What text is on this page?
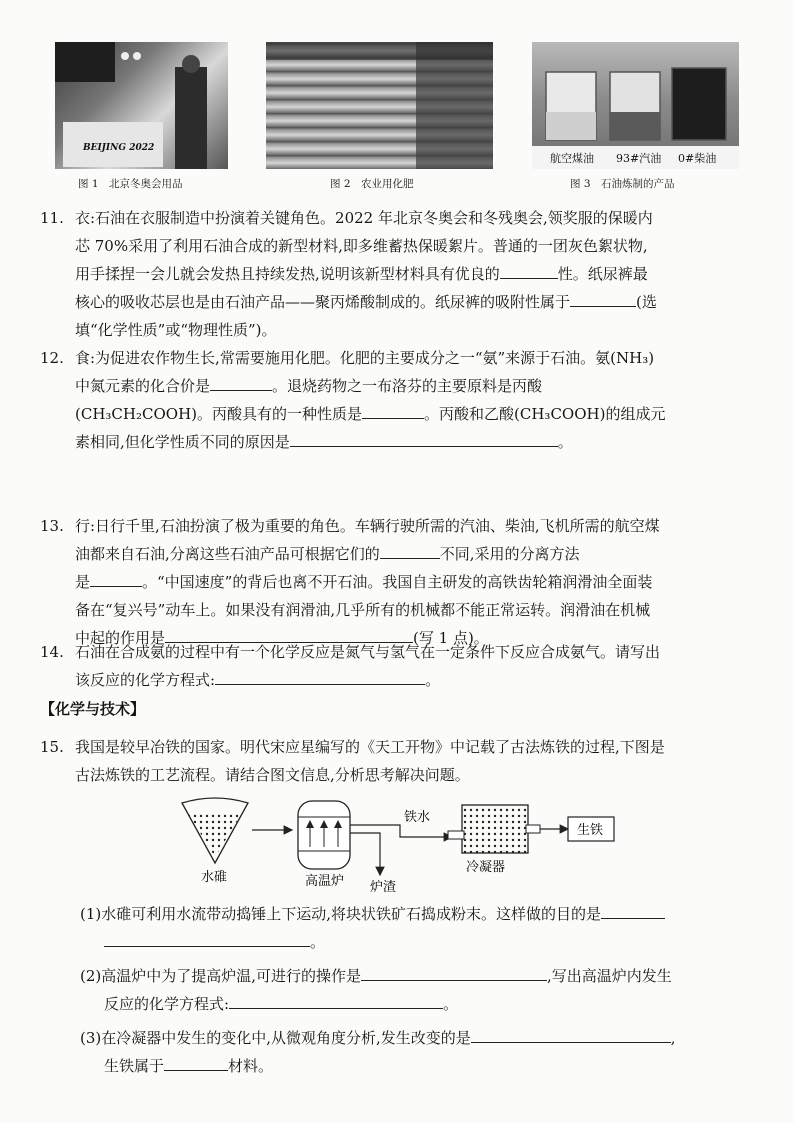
BEIJING 2022
航空煤油 93#汽油 0#柴油
图 1　北京冬奥会用品	图 2　农业用化肥	图 3　石油炼制的产品
11. 衣:石油在衣服制造中扮演着关键角色。2022 年北京冬奥会和冬残奥会,领奖服的保暖内

芯 70%采用了利用石油合成的新型材料,即多维蓄热保暖絮片。普通的一团灰色絮状物,

用手揉捏一会儿就会发热且持续发热,说明该新型材料具有优良的	性。纸尿裤最

核心的吸收芯层也是由石油产品——聚丙烯酸制成的。纸尿裤的吸附性属于	(选

填“化学性质”或“物理性质”)。

12. 食:为促进农作物生长,常需要施用化肥。化肥的主要成分之一“氨”来源于石油。氨(NH₃)

中氮元素的化合价是	。退烧药物之一布洛芬的主要原料是丙酸

(CH₃CH₂COOH)。丙酸具有的一种性质是	。丙酸和乙酸(CH₃COOH)的组成元

素相同,但化学性质不同的原因是	。

13. 行:日行千里,石油扮演了极为重要的角色。车辆行驶所需的汽油、柴油,飞机所需的航空煤

油都来自石油,分离这些石油产品可根据它们的	不同,采用的分离方法

是	。“中国速度”的背后也离不开石油。我国自主研发的高铁齿轮箱润滑油全面装

备在“复兴号”动车上。如果没有润滑油,几乎所有的机械都不能正常运转。润滑油在机械

中起的作用是	(写 1 点)。

14. 石油在合成氨的过程中有一个化学反应是氮气与氢气在一定条件下反应合成氨气。请写出

该反应的化学方程式:	。

【化学与技术】
15. 我国是较早冶铁的国家。明代宋应星编写的《天工开物》中记载了古法炼铁的过程,下图是

古法炼铁的工艺流程。请结合图文信息,分析思考解决问题。

生铁
铁水
水碓	高温炉 炉渣
冷凝器

(1)水碓可利用水流带动捣锤上下运动,将块状铁矿石捣成粉末。这样做的目的是

。

(2)高温炉中为了提高炉温,可进行的操作是	,写出高温炉内发生

反应的化学方程式:	。

(3)在冷凝器中发生的变化中,从微观角度分析,发生改变的是	,

生铁属于	材料。
